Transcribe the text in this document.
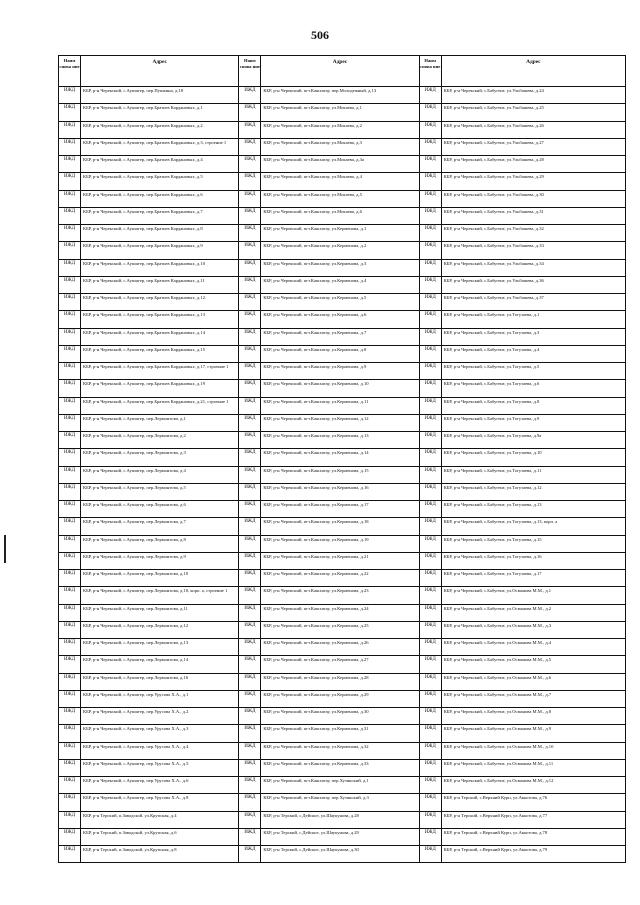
506
Наим снова ние
Адрес
ИЖД	КБР, р-н Черекский, с.Аушигер, пер.Пушкина, д.18
ИЖД	КБР, р-н Черекский, с.Аушигер, пер.Братьев Кардановых, д.1
ИЖД	КБР, р-н Черекский, с.Аушигер, пер.Братьев Кардановых, д.2
ИЖД	КБР, р-н Черекский, с.Аушигер, пер.Братьев Кардановых, д.3, строение 1
ИЖД	КБР, р-н Черекский, с.Аушигер, пер.Братьев Кардановых, д.4
ИЖД	КБР, р-н Черекский, с.Аушигер, пер.Братьев Кардановых, д.5
ИЖД	КБР, р-н Черекский, с.Аушигер, пер.Братьев Кардановых, д.6
ИЖД	КБР, р-н Черекский, с.Аушигер, пер.Братьев Кардановых, д.7
ИЖД	КБР, р-н Черекский, с.Аушигер, пер.Братьев Кардановых, д.8
ИЖД	КБР, р-н Черекский, с.Аушигер, пер.Братьев Кардановых, д.9
ИЖД	КБР, р-н Черекский, с.Аушигер, пер.Братьев Кардановых, д.10
ИЖД	КБР, р-н Черекский, с.Аушигер, пер.Братьев Кардановых, д.11
ИЖД	КБР, р-н Черекский, с.Аушигер, пер.Братьев Кардановых, д.12
ИЖД	КБР, р-н Черекский, с.Аушигер, пер.Братьев Кардановых, д.13
ИЖД	КБР, р-н Черекский, с.Аушигер, пер.Братьев Кардановых, д.14
ИЖД	КБР, р-н Черекский, с.Аушигер, пер.Братьев Кардановых, д.15
ИЖД	КБР, р-н Черекский, с.Аушигер, пер.Братьев Кардановых, д.17, строение 1
ИЖД	КБР, р-н Черекский, с.Аушигер, пер.Братьев Кардановых, д.19
ИЖД	КБР, р-н Черекский, с.Аушигер, пер.Братьев Кардановых, д.21, строение 1
ИЖД	КБР, р-н Черекский, с.Аушигер, пер.Лермонтова, д.1
ИЖД	КБР, р-н Черекский, с.Аушигер, пер.Лермонтова, д.2
ИЖД	КБР, р-н Черекский, с.Аушигер, пер.Лермонтова, д.3
ИЖД	КБР, р-н Черекский, с.Аушигер, пер.Лермонтова, д.4
ИЖД	КБР, р-н Черекский, с.Аушигер, пер.Лермонтова, д.5
ИЖД	КБР, р-н Черекский, с.Аушигер, пер.Лермонтова, д.6
ИЖД	КБР, р-н Черекский, с.Аушигер, пер.Лермонтова, д.7
ИЖД	КБР, р-н Черекский, с.Аушигер, пер.Лермонтова, д.8
ИЖД	КБР, р-н Черекский, с.Аушигер, пер.Лермонтова, д.9
ИЖД	КБР, р-н Черекский, с.Аушигер, пер.Лермонтова, д.10
ИЖД	КБР, р-н Черекский, с.Аушигер, пер.Лермонтова, д.10, корп. а, строение 1
ИЖД	КБР, р-н Черекский, с.Аушигер, пер.Лермонтова, д.11
ИЖД	КБР, р-н Черекский, с.Аушигер, пер.Лермонтова, д.12
ИЖД	КБР, р-н Черекский, с.Аушигер, пер.Лермонтова, д.13
ИЖД	КБР, р-н Черекский, с.Аушигер, пер.Лермонтова, д.14
ИЖД	КБР, р-н Черекский, с.Аушигер, пер.Лермонтова, д.16
ИЖД	КБР, р-н Черекский, с.Аушигер, пер.Урусова Х.А., д.1
ИЖД	КБР, р-н Черекский, с.Аушигер, пер.Урусова Х.А., д.2
ИЖД	КБР, р-н Черекский, с.Аушигер, пер.Урусова Х.А., д.3
ИЖД	КБР, р-н Черекский, с.Аушигер, пер.Урусова Х.А., д.4
ИЖД	КБР, р-н Черекский, с.Аушигер, пер.Урусова Х.А., д.5
ИЖД	КБР, р-н Черекский, с.Аушигер, пер.Урусова Х.А., д.6
ИЖД	КБР, р-н Черекский, с.Аушигер, пер.Урусова Х.А., д.8
ИЖД	КБР, р-н Терский, п.Заводской, ул.Крупская, д.4
ИЖД	КБР, р-н Терский, п.Заводской, ул.Крупская, д.6
ИЖД	КБР, р-н Терский, п.Заводской, ул.Крупская, д.8
Наим снова ние
Адрес
ИЖД	КБР, р-н Черекский, пгт.Кашхатау, пер.Молодежный, д.13
ИЖД	КБР, р-н Черекский, пгт.Кашхатау, ул.Мокаева, д.1
ИЖД	КБР, р-н Черекский, пгт.Кашхатау, ул.Мокаева, д.2
ИЖД	КБР, р-н Черекский, пгт.Кашхатау, ул.Мокаева, д.3
ИЖД	КБР, р-н Черекский, пгт.Кашхатау, ул.Мокаева, д.3а
ИЖД	КБР, р-н Черекский, пгт.Кашхатау, ул.Мокаева, д.4
ИЖД	КБР, р-н Черекский, пгт.Кашхатау, ул.Мокаева, д.5
ИЖД	КБР, р-н Черекский, пгт.Кашхатау, ул.Мокаева, д.6
ИЖД	КБР, р-н Черекский, пгт.Кашхатау, ул.Керменова, д.1
ИЖД	КБР, р-н Черекский, пгт.Кашхатау, ул.Керменова, д.2
ИЖД	КБР, р-н Черекский, пгт.Кашхатау, ул.Керменова, д.3
ИЖД	КБР, р-н Черекский, пгт.Кашхатау, ул.Керменова, д.4
ИЖД	КБР, р-н Черекский, пгт.Кашхатау, ул.Керменова, д.5
ИЖД	КБР, р-н Черекский, пгт.Кашхатау, ул.Керменова, д.6
ИЖД	КБР, р-н Черекский, пгт.Кашхатау, ул.Керменова, д.7
ИЖД	КБР, р-н Черекский, пгт.Кашхатау, ул.Керменова, д.8
ИЖД	КБР, р-н Черекский, пгт.Кашхатау, ул.Керменова, д.9
ИЖД	КБР, р-н Черекский, пгт.Кашхатау, ул.Керменова, д.10
ИЖД	КБР, р-н Черекский, пгт.Кашхатау, ул.Керменова, д.11
ИЖД	КБР, р-н Черекский, пгт.Кашхатау, ул.Керменова, д.12
ИЖД	КБР, р-н Черекский, пгт.Кашхатау, ул.Керменова, д.13
ИЖД	КБР, р-н Черекский, пгт.Кашхатау, ул.Керменова, д.14
ИЖД	КБР, р-н Черекский, пгт.Кашхатау, ул.Керменова, д.15
ИЖД	КБР, р-н Черекский, пгт.Кашхатау, ул.Керменова, д.16
ИЖД	КБР, р-н Черекский, пгт.Кашхатау, ул.Керменова, д.17
ИЖД	КБР, р-н Черекский, пгт.Кашхатау, ул.Керменова, д.18
ИЖД	КБР, р-н Черекский, пгт.Кашхатау, ул.Керменова, д.19
ИЖД	КБР, р-н Черекский, пгт.Кашхатау, ул.Керменова, д.21
ИЖД	КБР, р-н Черекский, пгт.Кашхатау, ул.Керменова, д.22
ИЖД	КБР, р-н Черекский, пгт.Кашхатау, ул.Керменова, д.23
ИЖД	КБР, р-н Черекский, пгт.Кашхатау, ул.Керменова, д.24
ИЖД	КБР, р-н Черекский, пгт.Кашхатау, ул.Керменова, д.25
ИЖД	КБР, р-н Черекский, пгт.Кашхатау, ул.Керменова, д.26
ИЖД	КБР, р-н Черекский, пгт.Кашхатау, ул.Керменова, д.27
ИЖД	КБР, р-н Черекский, пгт.Кашхатау, ул.Керменова, д.28
ИЖД	КБР, р-н Черекский, пгт.Кашхатау, ул.Керменова, д.29
ИЖД	КБР, р-н Черекский, пгт.Кашхатау, ул.Керменова, д.30
ИЖД	КБР, р-н Черекский, пгт.Кашхатау, ул.Керменова, д.31
ИЖД	КБР, р-н Черекский, пгт.Кашхатау, ул.Керменова, д.32
ИЖД	КБР, р-н Черекский, пгт.Кашхатау, ул.Керменова, д.33
ИЖД	КБР, р-н Черекский, пгт.Кашхатау, пер.Хузинский, д.1
ИЖД	КБР, р-н Черекский, пгт.Кашхатау, пер.Хузинский, д.3
ИЖД	КБР, р-н Терский, с.Дейское, ул.Шаукунова, д.28
ИЖД	КБР, р-н Терский, с.Дейское, ул.Шаукунова, д.29
ИЖД	КБР, р-н Терский, с.Дейское, ул.Шаукунова, д.30
Наим снова ние
Адрес
ИЖД	КБР, р-н Черекский, с.Бабугент, ул.Ульбашева, д.24
ИЖД	КБР, р-н Черекский, с.Бабугент, ул.Ульбашева, д.25
ИЖД	КБР, р-н Черекский, с.Бабугент, ул.Ульбашева, д.26
ИЖД	КБР, р-н Черекский, с.Бабугент, ул.Ульбашева, д.27
ИЖД	КБР, р-н Черекский, с.Бабугент, ул.Ульбашева, д.28
ИЖД	КБР, р-н Черекский, с.Бабугент, ул.Ульбашева, д.29
ИЖД	КБР, р-н Черекский, с.Бабугент, ул.Ульбашева, д.30
ИЖД	КБР, р-н Черекский, с.Бабугент, ул.Ульбашева, д.31
ИЖД	КБР, р-н Черекский, с.Бабугент, ул.Ульбашева, д.32
ИЖД	КБР, р-н Черекский, с.Бабугент, ул.Ульбашева, д.33
ИЖД	КБР, р-н Черекский, с.Бабугент, ул.Ульбашева, д.34
ИЖД	КБР, р-н Черекский, с.Бабугент, ул.Ульбашева, д.36
ИЖД	КБР, р-н Черекский, с.Бабугент, ул.Ульбашева, д.37
ИЖД	КБР, р-н Черекский, с.Бабугент, ул.Тогузаева, д.1
ИЖД	КБР, р-н Черекский, с.Бабугент, ул.Тогузаева, д.3
ИЖД	КБР, р-н Черекский, с.Бабугент, ул.Тогузаева, д.4
ИЖД	КБР, р-н Черекский, с.Бабугент, ул.Тогузаева, д.5
ИЖД	КБР, р-н Черекский, с.Бабугент, ул.Тогузаева, д.6
ИЖД	КБР, р-н Черекский, с.Бабугент, ул.Тогузаева, д.8
ИЖД	КБР, р-н Черекский, с.Бабугент, ул.Тогузаева, д.9
ИЖД	КБР, р-н Черекский, с.Бабугент, ул.Тогузаева, д.9а
ИЖД	КБР, р-н Черекский, с.Бабугент, ул.Тогузаева, д.10
ИЖД	КБР, р-н Черекский, с.Бабугент, ул.Тогузаева, д.11
ИЖД	КБР, р-н Черекский, с.Бабугент, ул.Тогузаева, д.12
ИЖД	КБР, р-н Черекский, с.Бабугент, ул.Тогузаева, д.13
ИЖД	КБР, р-н Черекский, с.Бабугент, ул.Тогузаева, д.13, корп. а
ИЖД	КБР, р-н Черекский, с.Бабугент, ул.Тогузаева, д.15
ИЖД	КБР, р-н Черекский, с.Бабугент, ул.Тогузаева, д.16
ИЖД	КБР, р-н Черекский, с.Бабугент, ул.Тогузаева, д.17
ИЖД	КБР, р-н Черекский, с.Бабугент, ул.Османова М.М., д.1
ИЖД	КБР, р-н Черекский, с.Бабугент, ул.Османова М.М., д.2
ИЖД	КБР, р-н Черекский, с.Бабугент, ул.Османова М.М., д.3
ИЖД	КБР, р-н Черекский, с.Бабугент, ул.Османова М.М., д.4
ИЖД	КБР, р-н Черекский, с.Бабугент, ул.Османова М.М., д.5
ИЖД	КБР, р-н Черекский, с.Бабугент, ул.Османова М.М., д.6
ИЖД	КБР, р-н Черекский, с.Бабугент, ул.Османова М.М., д.7
ИЖД	КБР, р-н Черекский, с.Бабугент, ул.Османова М.М., д.8
ИЖД	КБР, р-н Черекский, с.Бабугент, ул.Османова М.М., д.9
ИЖД	КБР, р-н Черекский, с.Бабугент, ул.Османова М.М., д.10
ИЖД	КБР, р-н Черекский, с.Бабугент, ул.Османова М.М., д.11
ИЖД	КБР, р-н Черекский, с.Бабугент, ул.Османова М.М., д.12
ИЖД	КБР, р-н Терский, с.Верхний Курп, ул.Аккотова, д.76
ИЖД	КБР, р-н Терский, с.Верхний Курп, ул.Аккотова, д.77
ИЖД	КБР, р-н Терский, с.Верхний Курп, ул.Аккотова, д.78
ИЖД	КБР, р-н Терский, с.Верхний Курп, ул.Аккотова, д.79
